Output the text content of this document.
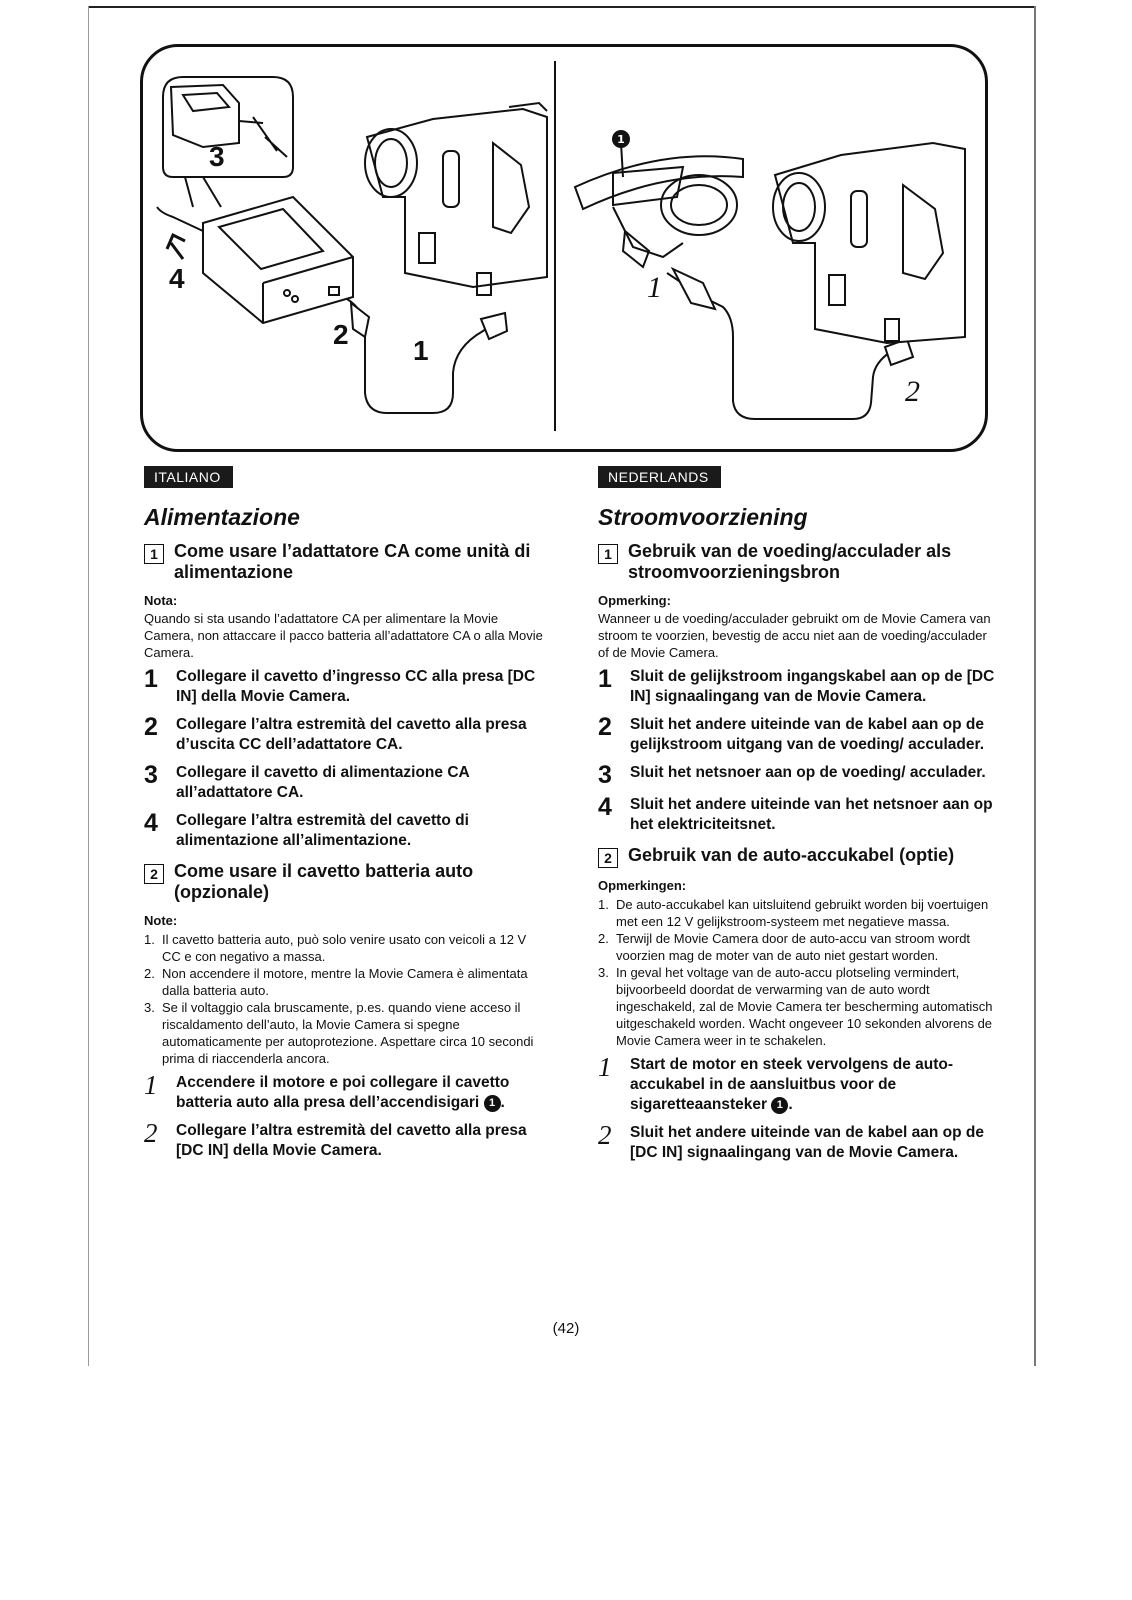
1
3
4
2
1
1
2
ITALIANO
Alimentazione
1 Come usare l’adattatore CA come unità di alimentazione
Nota:
Quando si sta usando l’adattatore CA per alimentare la Movie Camera, non attaccare il pacco batteria all’adattatore CA o alla Movie Camera.
1	Collegare il cavetto d’ingresso CC alla presa [DC IN] della Movie Camera.
2	Collegare l’altra estremità del cavetto alla presa d’uscita CC dell’adattatore CA.
3	Collegare il cavetto di alimentazione CA all’adattatore CA.
4	Collegare l’altra estremità del cavetto di alimentazione all’alimentazione.
2 Come usare il cavetto batteria auto (opzionale)
Note:
1. Il cavetto batteria auto, può solo venire usato con veicoli a 12 V CC e con negativo a massa.
2. Non accendere il motore, mentre la Movie Camera è alimentata dalla batteria auto.
3. Se il voltaggio cala bruscamente, p.es. quando viene acceso il riscaldamento dell’auto, la Movie Camera si spegne automaticamente per autoprotezione. Aspettare circa 10 secondi prima di riaccenderla ancora.
1	Accendere il motore e poi collegare il cavetto batteria auto alla presa dell’accendisigari 1 .
2	Collegare l’altra estremità del cavetto alla presa [DC IN] della Movie Camera.
NEDERLANDS
Stroomvoorziening
1 Gebruik van de voeding/acculader als stroomvoorzieningsbron
Opmerking:
Wanneer u de voeding/acculader gebruikt om de Movie Camera van stroom te voorzien, bevestig de accu niet aan de voeding/acculader of de Movie Camera.
1	Sluit de gelijkstroom ingangskabel aan op de [DC IN] signaalingang van de Movie Camera.
2	Sluit het andere uiteinde van de kabel aan op de gelijkstroom uitgang van de voeding/ acculader.
3	Sluit het netsnoer aan op de voeding/ acculader.
4	Sluit het andere uiteinde van het netsnoer aan op het elektriciteitsnet.
2 Gebruik van de auto-accukabel (optie)
Opmerkingen:
1. De auto-accukabel kan uitsluitend gebruikt worden bij voertuigen met een 12 V gelijkstroom-systeem met negatieve massa.
2. Terwijl de Movie Camera door de auto-accu van stroom wordt voorzien mag de moter van de auto niet gestart worden.
3. In geval het voltage van de auto-accu plotseling vermindert, bijvoorbeeld doordat de verwarming van de auto wordt ingeschakeld, zal de Movie Camera ter bescherming automatisch uitgeschakeld worden. Wacht ongeveer 10 sekonden alvorens de Movie Camera weer in te schakelen.
1	Start de motor en steek vervolgens de auto-accukabel in de aansluitbus voor de sigaretteaansteker 1 .
2	Sluit het andere uiteinde van de kabel aan op de [DC IN] signaalingang van de Movie Camera.
(42)
